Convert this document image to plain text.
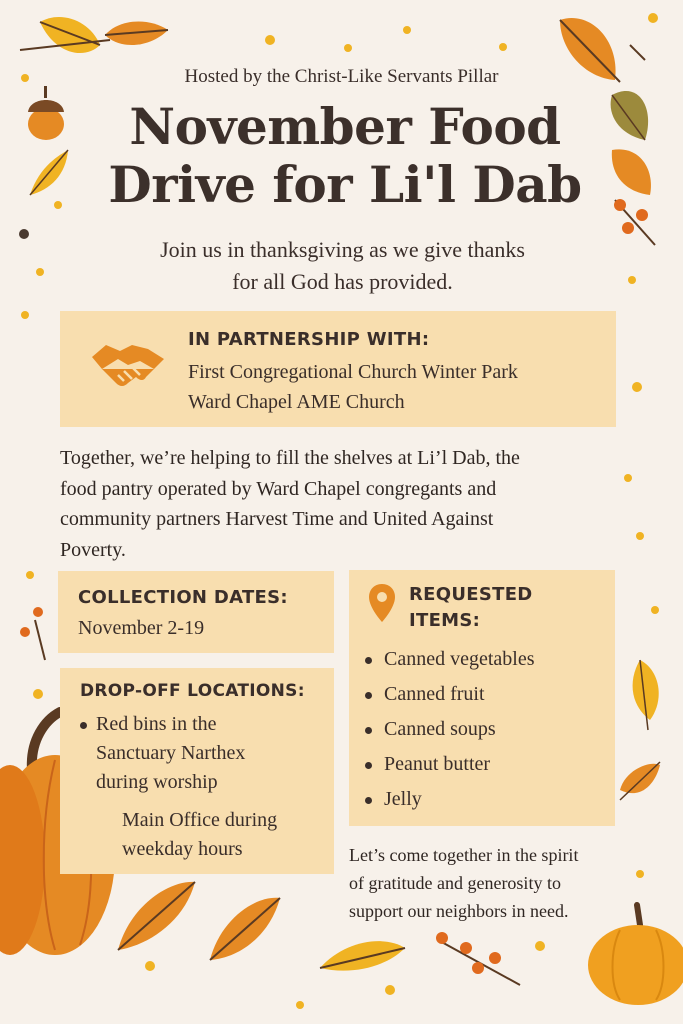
Hosted by the Christ-Like Servants Pillar
November Food
Drive for Li'l Dab
Join us in thanksgiving as we give thanks
for all God has provided.
IN PARTNERSHIP WITH:
First Congregational Church Winter Park
Ward Chapel AME Church
Together, we’re helping to fill the shelves at Li’l Dab, the
food pantry operated by Ward Chapel congregants and
community partners Harvest Time and United Against
Poverty.
COLLECTION DATES:
November 2-19
DROP-OFF LOCATIONS:
Red bins in the
Sanctuary Narthex
during worship
Main Office during
weekday hours
REQUESTED
ITEMS:
Canned vegetables
Canned fruit
Canned soups
Peanut butter
Jelly
Let’s come together in the spirit
of gratitude and generosity to
support our neighbors in need.
